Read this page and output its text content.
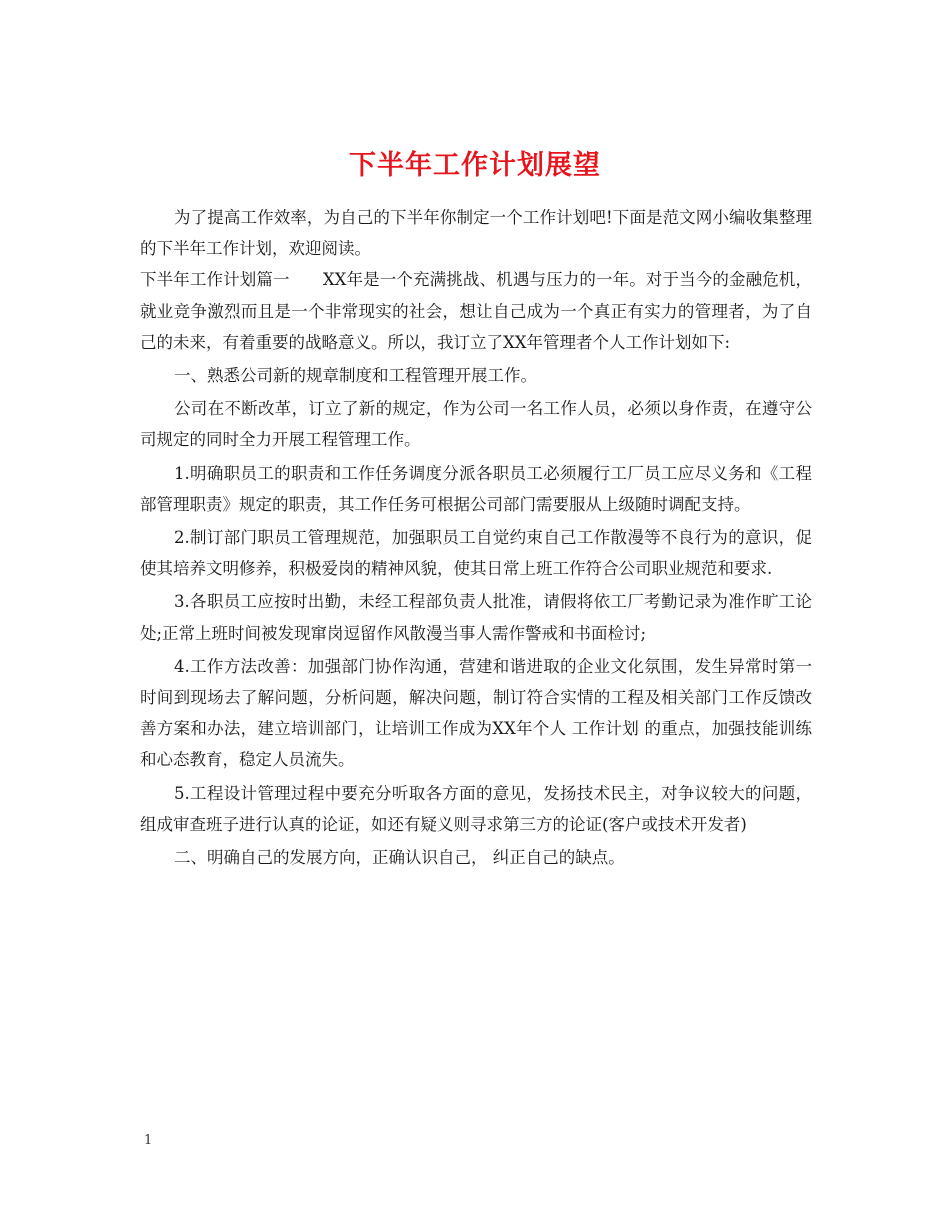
下半年工作计划展望

为了提高工作效率，为自己的下半年你制定一个工作计划吧!下面是范文网小编收集整理的下半年工作计划，欢迎阅读。

下半年工作计划篇一　　XX年是一个充满挑战、机遇与压力的一年。对于当今的金融危机，就业竞争激烈而且是一个非常现实的社会，想让自己成为一个真正有实力的管理者，为了自己的未来，有着重要的战略意义。所以，我订立了XX年管理者个人工作计划如下:

一、熟悉公司新的规章制度和工程管理开展工作。

公司在不断改革，订立了新的规定，作为公司一名工作人员，必须以身作责，在遵守公司规定的同时全力开展工程管理工作。

1.明确职员工的职责和工作任务调度分派各职员工必须履行工厂员工应尽义务和《工程部管理职责》规定的职责，其工作任务可根据公司部门需要服从上级随时调配支持。

2.制订部门职员工管理规范，加强职员工自觉约束自己工作散漫等不良行为的意识，促使其培养文明修养，积极爱岗的精神风貌，使其日常上班工作符合公司职业规范和要求.

3.各职员工应按时出勤，未经工程部负责人批准，请假将依工厂考勤记录为准作旷工论处;正常上班时间被发现窜岗逗留作风散漫当事人需作警戒和书面检讨;

4.工作方法改善：加强部门协作沟通，营建和谐进取的企业文化氛围，发生异常时第一时间到现场去了解问题，分析问题，解决问题，制订符合实情的工程及相关部门工作反馈改善方案和办法，建立培训部门，让培训工作成为XX年个人 工作计划 的重点，加强技能训练和心态教育，稳定人员流失。

5.工程设计管理过程中要充分听取各方面的意见，发扬技术民主，对争议较大的问题，组成审查班子进行认真的论证，如还有疑义则寻求第三方的论证(客户或技术开发者)

二、明确自己的发展方向，正确认识自己， 纠正自己的缺点。

1
